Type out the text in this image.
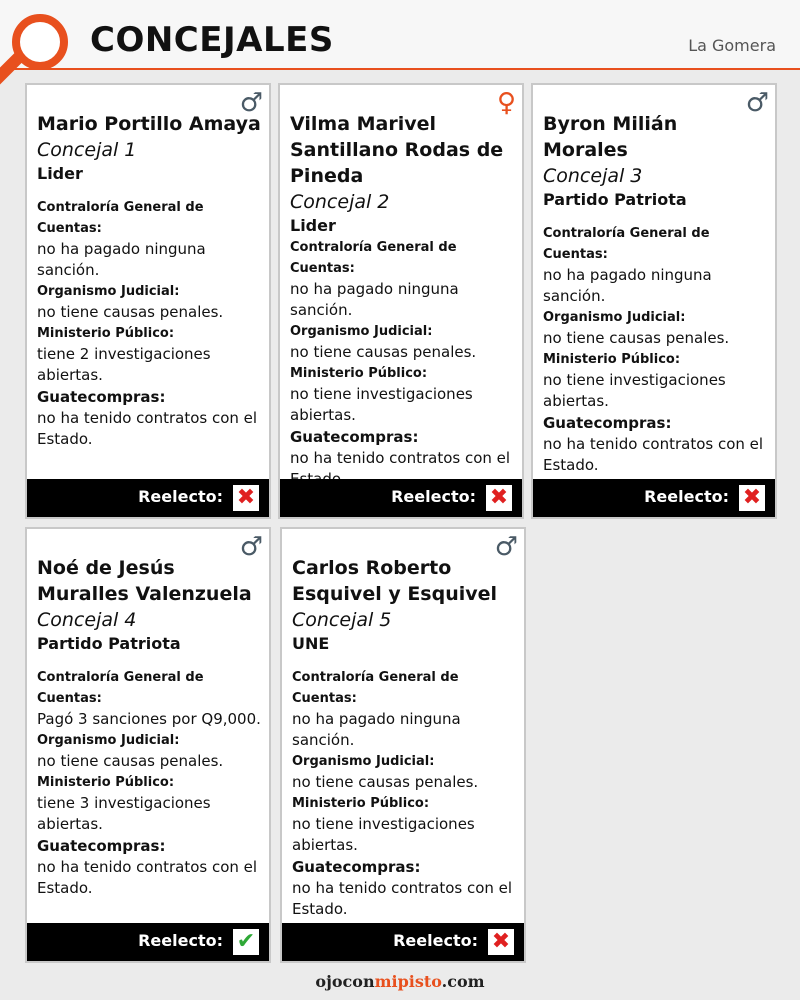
CONCEJALES	La Gomera
♂
Mario Portillo Amaya
Concejal 1
Lider
Contraloría General de Cuentas:
no ha pagado ninguna sanción.
Organismo Judicial:
no tiene causas penales.
Ministerio Público:
tiene 2 investigaciones abiertas.
Guatecompras:
no ha tenido contratos con el Estado.
Reelecto: ✖
♀
Vilma Marivel Santillano Rodas de Pineda
Concejal 2
Lider
Contraloría General de Cuentas:
no ha pagado ninguna sanción.
Organismo Judicial:
no tiene causas penales.
Ministerio Público:
no tiene investigaciones abiertas.
Guatecompras:
no ha tenido contratos con el
Reelecto: ✖
♂
Byron Milián Morales
Concejal 3
Partido Patriota
Contraloría General de Cuentas:
no ha pagado ninguna sanción.
Organismo Judicial:
no tiene causas penales.
Ministerio Público:
no tiene investigaciones abiertas.
Guatecompras:
no ha tenido contratos con el Estado.
Reelecto: ✖
♂
Noé de Jesús Muralles Valenzuela
Concejal 4
Partido Patriota
Contraloría General de Cuentas:
Pagó 3 sanciones por Q9,000.
Organismo Judicial:
no tiene causas penales.
Ministerio Público:
tiene 3 investigaciones abiertas.
Guatecompras:
no ha tenido contratos con el Estado.
Reelecto: ✔
♂
Carlos Roberto Esquivel y Esquivel
Concejal 5
UNE
Contraloría General de Cuentas:
no ha pagado ninguna sanción.
Organismo Judicial:
no tiene causas penales.
Ministerio Público:
no tiene investigaciones abiertas.
Guatecompras:
no ha tenido contratos con el Estado.
Reelecto: ✖
ojoconmipisto.com
